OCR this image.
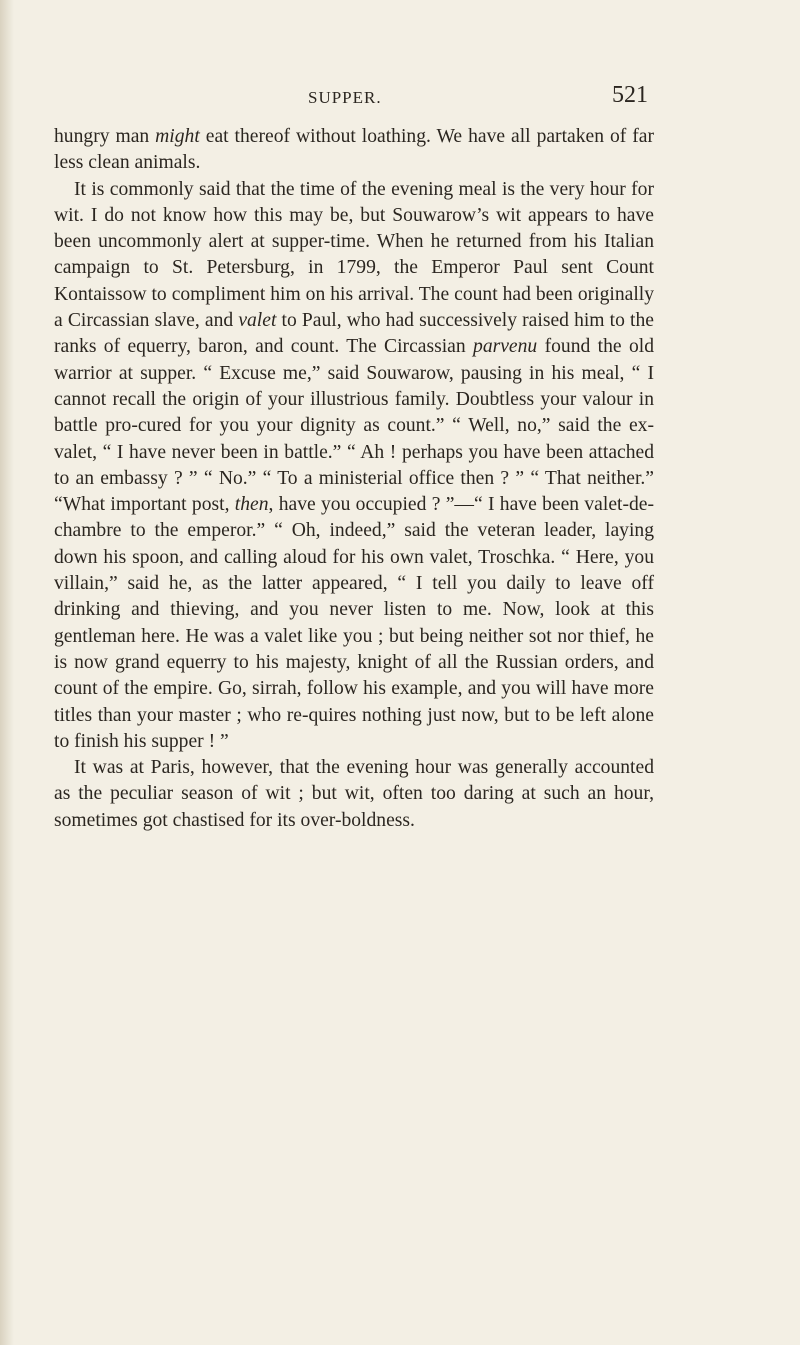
SUPPER.	521

hungry man might eat thereof without loathing. We have all partaken of far less clean animals.

It is commonly said that the time of the evening meal is the very hour for wit. I do not know how this may be, but Souwarow’s wit appears to have been uncommonly alert at supper-time. When he returned from his Italian campaign to St. Petersburg, in 1799, the Emperor Paul sent Count Kontaissow to compliment him on his arrival. The count had been originally a Circassian slave, and valet to Paul, who had successively raised him to the ranks of equerry, baron, and count. The Circassian parvenu found the old warrior at supper. “ Excuse me,” said Souwarow, pausing in his meal, “ I cannot recall the origin of your illustrious family. Doubtless your valour in battle pro-cured for you your dignity as count.” “ Well, no,” said the ex-valet, “ I have never been in battle.” “ Ah ! perhaps you have been attached to an embassy ? ” “ No.” “ To a ministerial office then ? ” “ That neither.” “What important post, then, have you occupied ? ”—“ I have been valet-de-chambre to the emperor.” “ Oh, indeed,” said the veteran leader, laying down his spoon, and calling aloud for his own valet, Troschka. “ Here, you villain,” said he, as the latter appeared, “ I tell you daily to leave off drinking and thieving, and you never listen to me. Now, look at this gentleman here. He was a valet like you ; but being neither sot nor thief, he is now grand equerry to his majesty, knight of all the Russian orders, and count of the empire. Go, sirrah, follow his example, and you will have more titles than your master ; who re-quires nothing just now, but to be left alone to finish his supper ! ”

It was at Paris, however, that the evening hour was generally accounted as the peculiar season of wit ; but wit, often too daring at such an hour, sometimes got chastised for its over-boldness.
